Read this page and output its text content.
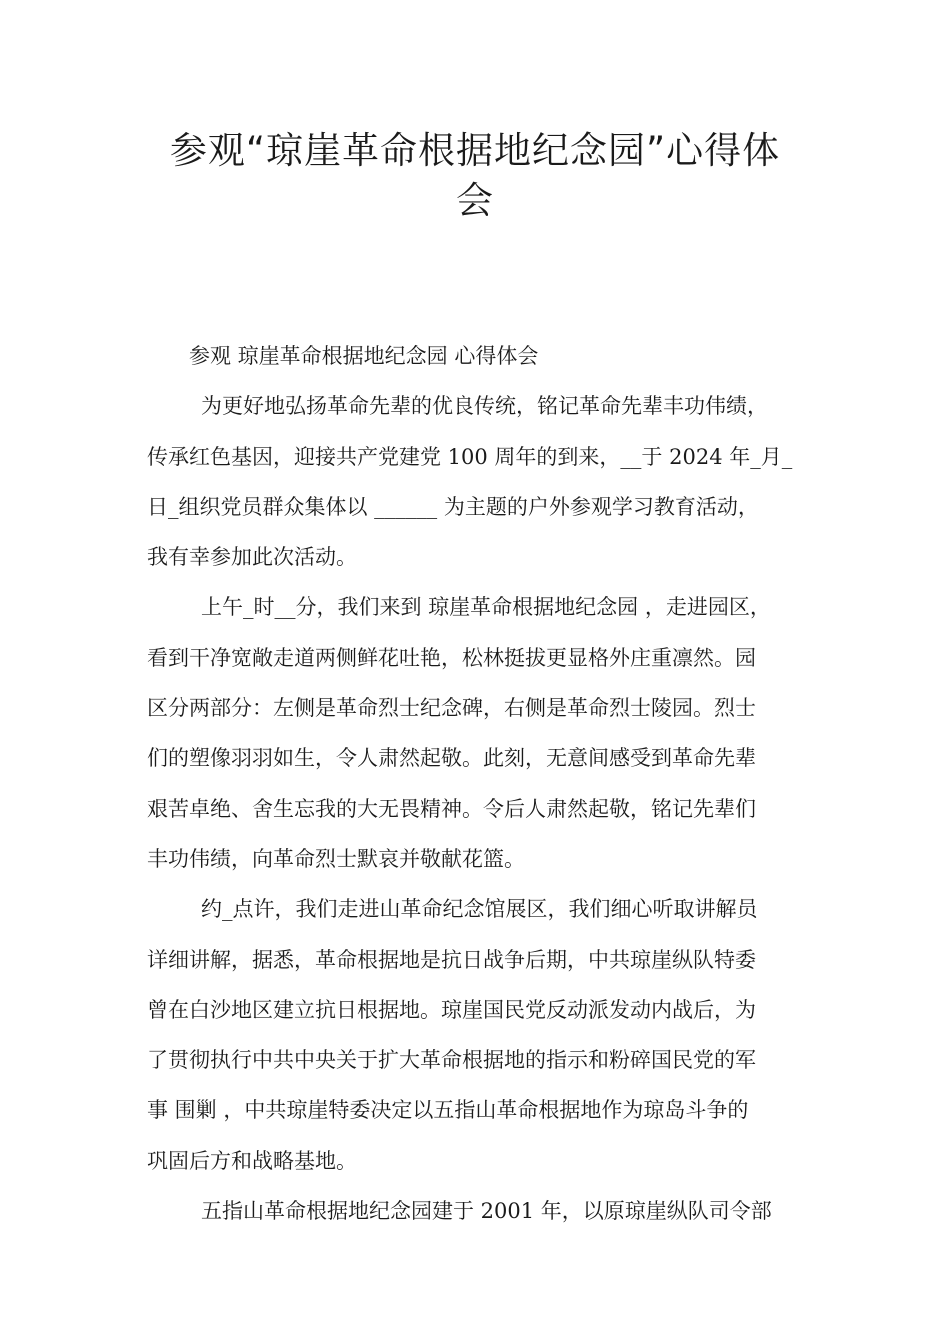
参观“琼崖革命根据地纪念园”心得体
会
参观 琼崖革命根据地纪念园 心得体会
为更好地弘扬革命先辈的优良传统，铭记革命先辈丰功伟绩，
传承红色基因，迎接共产党建党 100 周年的到来，__于 2024 年_月_
日_组织党员群众集体以 ______ 为主题的户外参观学习教育活动，
我有幸参加此次活动。
上午_时__分，我们来到 琼崖革命根据地纪念园 ，走进园区，
看到干净宽敞走道两侧鲜花吐艳，松林挺拔更显格外庄重凛然。园
区分两部分：左侧是革命烈士纪念碑，右侧是革命烈士陵园。烈士
们的塑像羽羽如生，令人肃然起敬。此刻，无意间感受到革命先辈
艰苦卓绝、舍生忘我的大无畏精神。令后人肃然起敬，铭记先辈们
丰功伟绩，向革命烈士默哀并敬献花篮。
约_点许，我们走进山革命纪念馆展区，我们细心听取讲解员
详细讲解，据悉，革命根据地是抗日战争后期，中共琼崖纵队特委
曾在白沙地区建立抗日根据地。琼崖国民党反动派发动内战后，为
了贯彻执行中共中央关于扩大革命根据地的指示和粉碎国民党的军
事 围剿 ，中共琼崖特委决定以五指山革命根据地作为琼岛斗争的
巩固后方和战略基地。
五指山革命根据地纪念园建于 2001 年，以原琼崖纵队司令部
